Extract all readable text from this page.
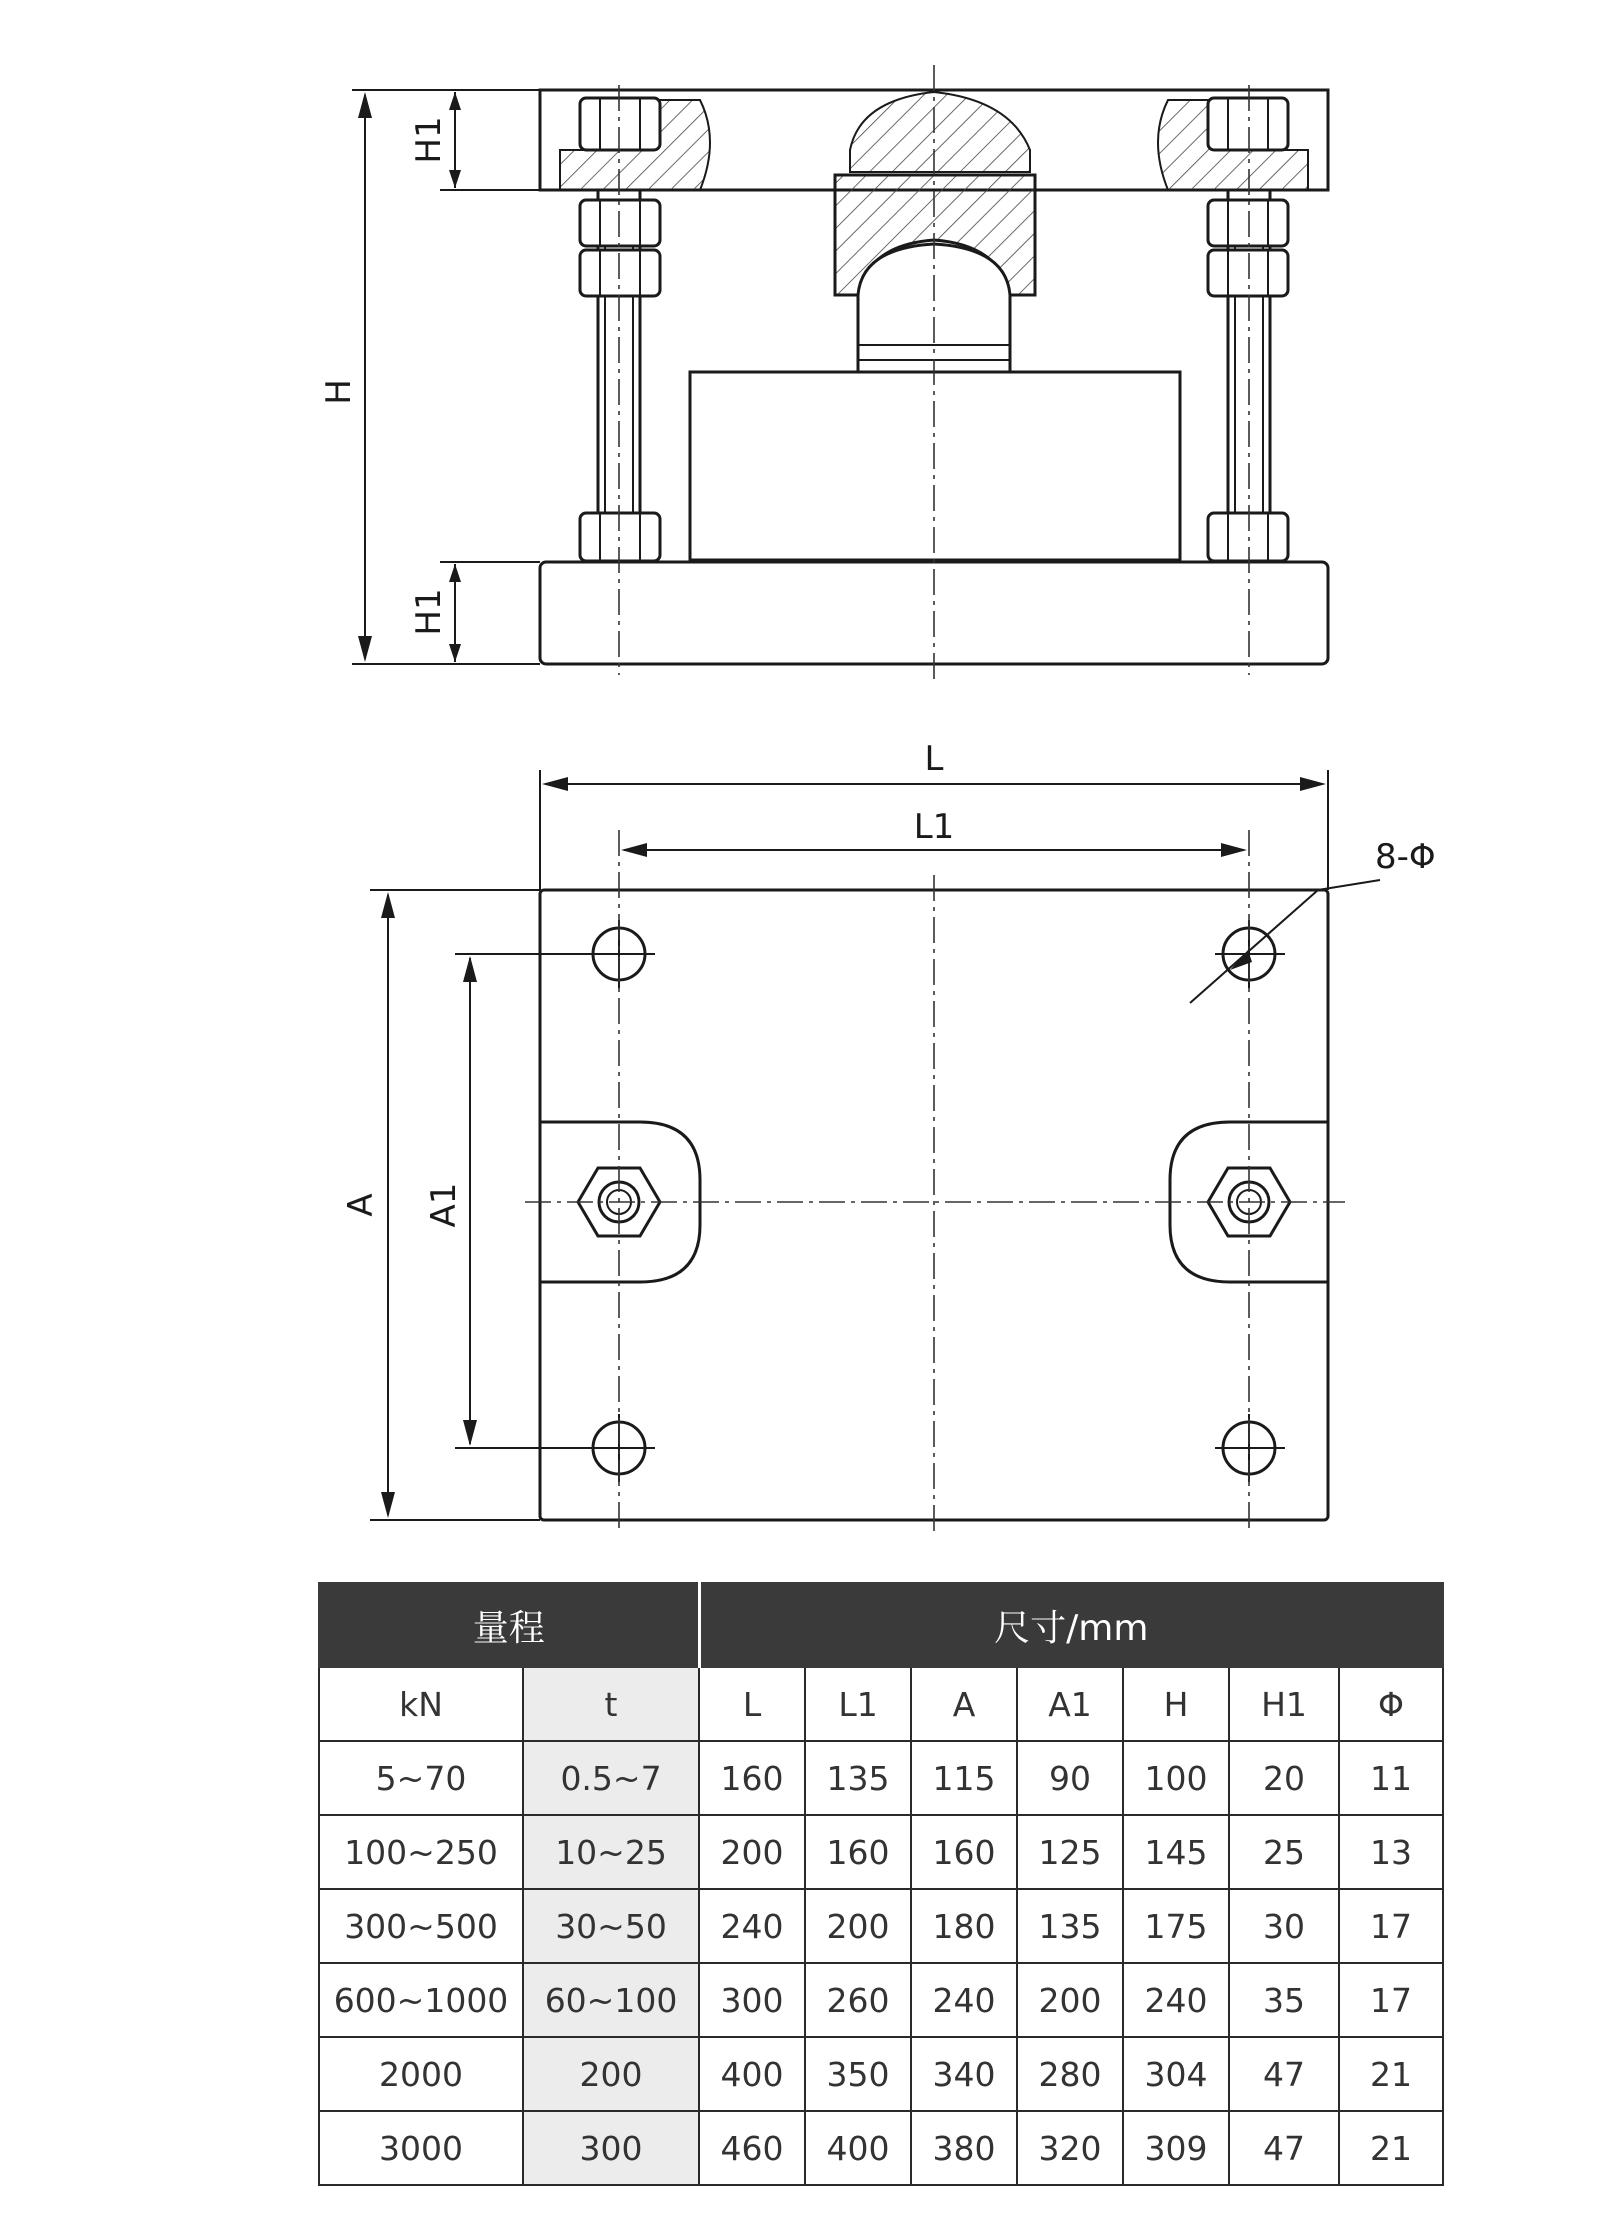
H
H1
H1
L
L1
8-Φ
A A1
量程		尺寸/mm						
kN	t	L	L1	A	A1	H	H1	Φ
5~70	0.5~7	160	135	115	90	100	20	11
100~250	10~25	200	160	160	125	145	25	13
300~500	30~50	240	200	180	135	175	30	17
600~1000	60~100	300	260	240	200	240	35	17
2000	200	400	350	340	280	304	47	21
3000	300	460	400	380	320	309	47	21
